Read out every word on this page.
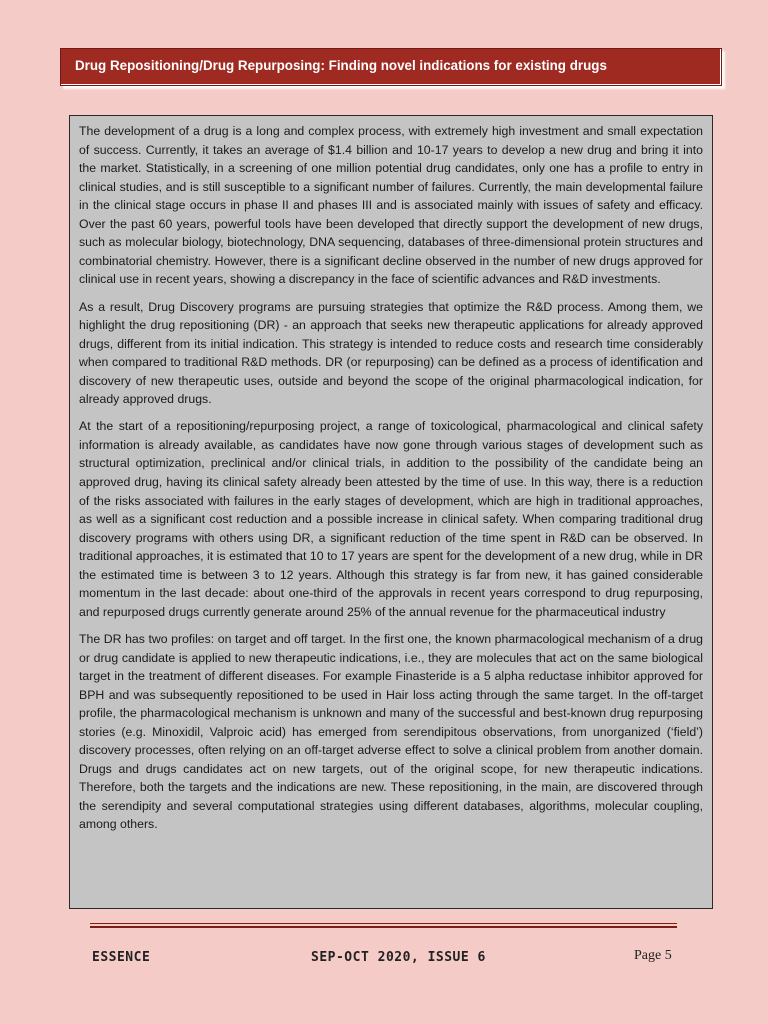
Drug Repositioning/Drug Repurposing: Finding novel indications for existing drugs

The development of a drug is a long and complex process, with extremely high investment and small expectation of success. Currently, it takes an average of $1.4 billion and 10-17 years to develop a new drug and bring it into the market. Statistically, in a screening of one million potential drug candidates, only one has a profile to entry in clinical studies, and is still susceptible to a significant number of failures. Currently, the main developmental failure in the clinical stage occurs in phase II and phases III and is associated mainly with issues of safety and efficacy. Over the past 60 years, powerful tools have been developed that directly support the development of new drugs, such as molecular biology, biotechnology, DNA sequencing, databases of three-dimensional protein structures and combinatorial chemistry. However, there is a significant decline observed in the number of new drugs approved for clinical use in recent years, showing a discrepancy in the face of scientific advances and R&D investments.

As a result, Drug Discovery programs are pursuing strategies that optimize the R&D process. Among them, we highlight the drug repositioning (DR) - an approach that seeks new therapeutic applications for already approved drugs, different from its initial indication. This strategy is intended to reduce costs and research time considerably when compared to traditional R&D methods. DR (or repurposing) can be defined as a process of identification and discovery of new therapeutic uses, outside and beyond the scope of the original pharmacological indication, for already approved drugs.

At the start of a repositioning/repurposing project, a range of toxicological, pharmacological and clinical safety information is already available, as candidates have now gone through various stages of development such as structural optimization, preclinical and/or clinical trials, in addition to the possibility of the candidate being an approved drug, having its clinical safety already been attested by the time of use. In this way, there is a reduction of the risks associated with failures in the early stages of development, which are high in traditional approaches, as well as a significant cost reduction and a possible increase in clinical safety. When comparing traditional drug discovery programs with others using DR, a significant reduction of the time spent in R&D can be observed. In traditional approaches, it is estimated that 10 to 17 years are spent for the development of a new drug, while in DR the estimated time is between 3 to 12 years. Although this strategy is far from new, it has gained considerable momentum in the last decade: about one-third of the approvals in recent years correspond to drug repurposing, and repurposed drugs currently generate around 25% of the annual revenue for the pharmaceutical industry

The DR has two profiles: on target and off target. In the first one, the known pharmacological mechanism of a drug or drug candidate is applied to new therapeutic indications, i.e., they are molecules that act on the same biological target in the treatment of different diseases. For example Finasteride is a 5 alpha reductase inhibitor approved for BPH and was subsequently repositioned to be used in Hair loss acting through the same target. In the off-target profile, the pharmacological mechanism is unknown and many of the successful and best-known drug repurposing stories (e.g. Minoxidil, Valproic acid) has emerged from serendipitous observations, from unorganized (‘field’) discovery processes, often relying on an off-target adverse effect to solve a clinical problem from another domain. Drugs and drugs candidates act on new targets, out of the original scope, for new therapeutic indications. Therefore, both the targets and the indications are new. These repositioning, in the main, are discovered through the serendipity and several computational strategies using different databases, algorithms, molecular coupling, among others.

ESSENCE	SEP-OCT 2020, ISSUE 6	Page 5
